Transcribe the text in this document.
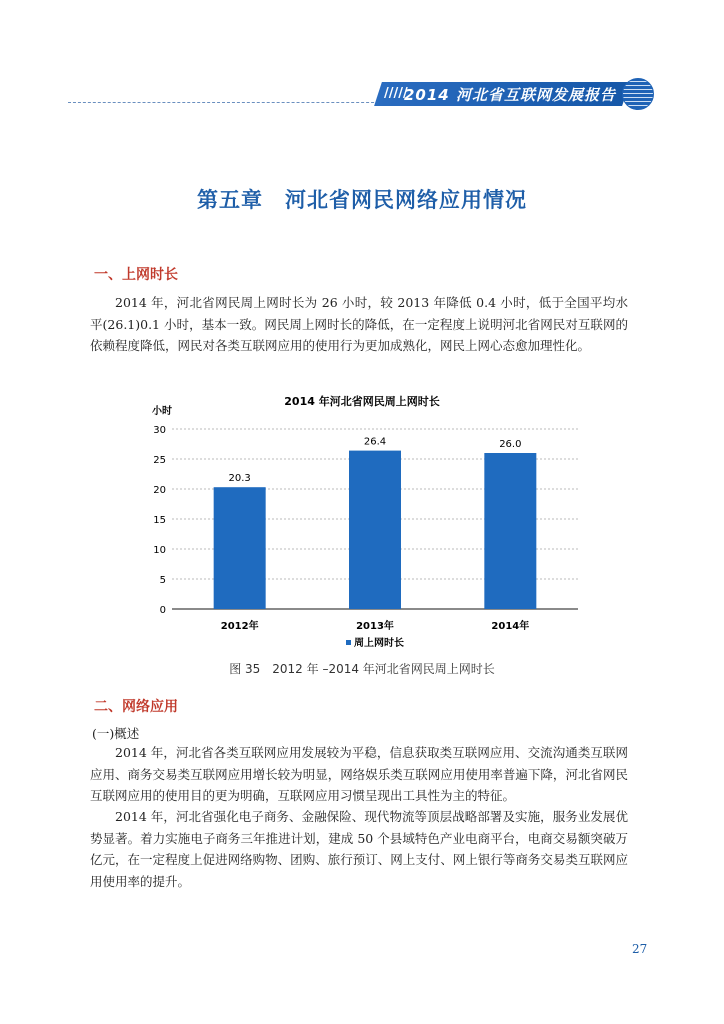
/////
2014 河北省互联网发展报告
第五章　河北省网民网络应用情况
一、上网时长
2014 年，河北省网民周上网时长为 26 小时，较 2013 年降低 0.4 小时，低于全国平均水平(26.1)0.1 小时，基本一致。网民周上网时长的降低，在一定程度上说明河北省网民对互联网的依赖程度降低，网民对各类互联网应用的使用行为更加成熟化，网民上网心态愈加理性化。
2014 年河北省网民周上网时长
小时
0
5
10
15
20
25
30
20.3
2012年
26.4
2013年
26.0
2014年
周上网时长
图 35　2012 年 –2014 年河北省网民周上网时长
二、网络应用
(一)概述
2014 年，河北省各类互联网应用发展较为平稳，信息获取类互联网应用、交流沟通类互联网应用、商务交易类互联网应用增长较为明显，网络娱乐类互联网应用使用率普遍下降，河北省网民互联网应用的使用目的更为明确，互联网应用习惯呈现出工具性为主的特征。
2014 年，河北省强化电子商务、金融保险、现代物流等顶层战略部署及实施，服务业发展优势显著。着力实施电子商务三年推进计划，建成 50 个县域特色产业电商平台，电商交易额突破万亿元，在一定程度上促进网络购物、团购、旅行预订、网上支付、网上银行等商务交易类互联网应用使用率的提升。
27
